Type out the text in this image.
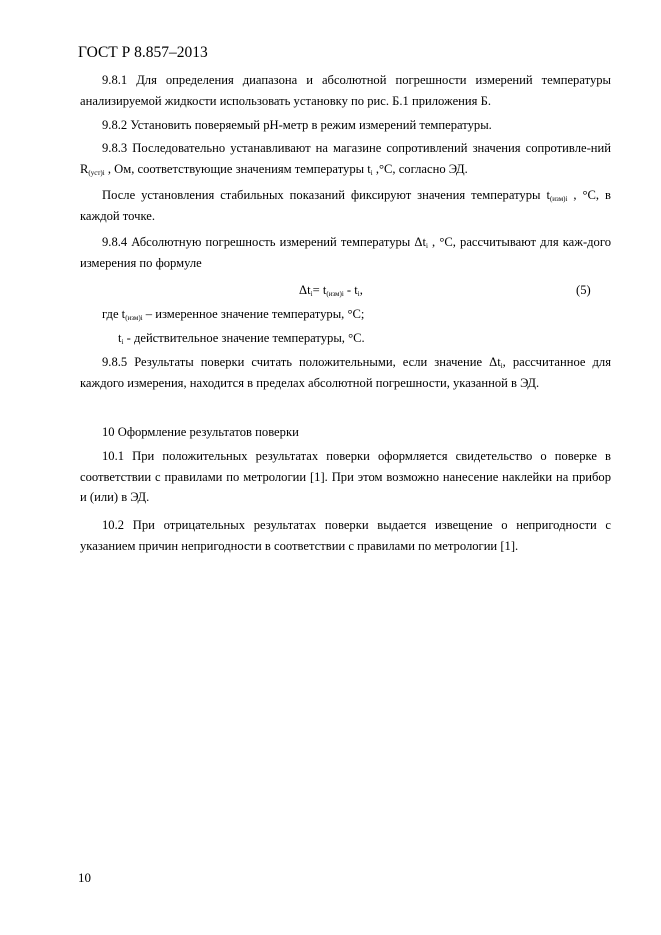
ГОСТ Р 8.857–2013
9.8.1 Для определения диапазона и абсолютной погрешности измерений температуры анализируемой жидкости использовать установку по рис. Б.1 приложения Б.
9.8.2 Установить поверяемый рН-метр в режим измерений температуры.
9.8.3 Последовательно устанавливают на магазине сопротивлений значения сопротивле-ний $R_{(уст)i}$ , Ом, соответствующие значениям температуры $t_i$ ,°С, согласно ЭД.
После установления стабильных показаний фиксируют значения температуры $t_{(изм)i}$ , °С, в каждой точке.
9.8.4 Абсолютную погрешность измерений температуры $\Delta t_i$ , °С, рассчитывают для каж-дого измерения по формуле
$\Delta t_i= t_{(изм)i} - t_i$,	(5)
где $t_{(изм)i}$ – измеренное значение температуры, °С;
$t_i$ - действительное значение температуры, °С.
9.8.5 Результаты поверки считать положительными, если значение $\Delta t_i$, рассчитанное для каждого измерения, находится в пределах абсолютной погрешности, указанной в ЭД.
10 Оформление результатов поверки
10.1 При положительных результатах поверки оформляется свидетельство о поверке в соответствии с правилами по метрологии [1]. При этом возможно нанесение наклейки на прибор и (или) в ЭД.
10.2 При отрицательных результатах поверки выдается извещение о непригодности с указанием причин непригодности в соответствии с правилами по метрологии [1].
10
